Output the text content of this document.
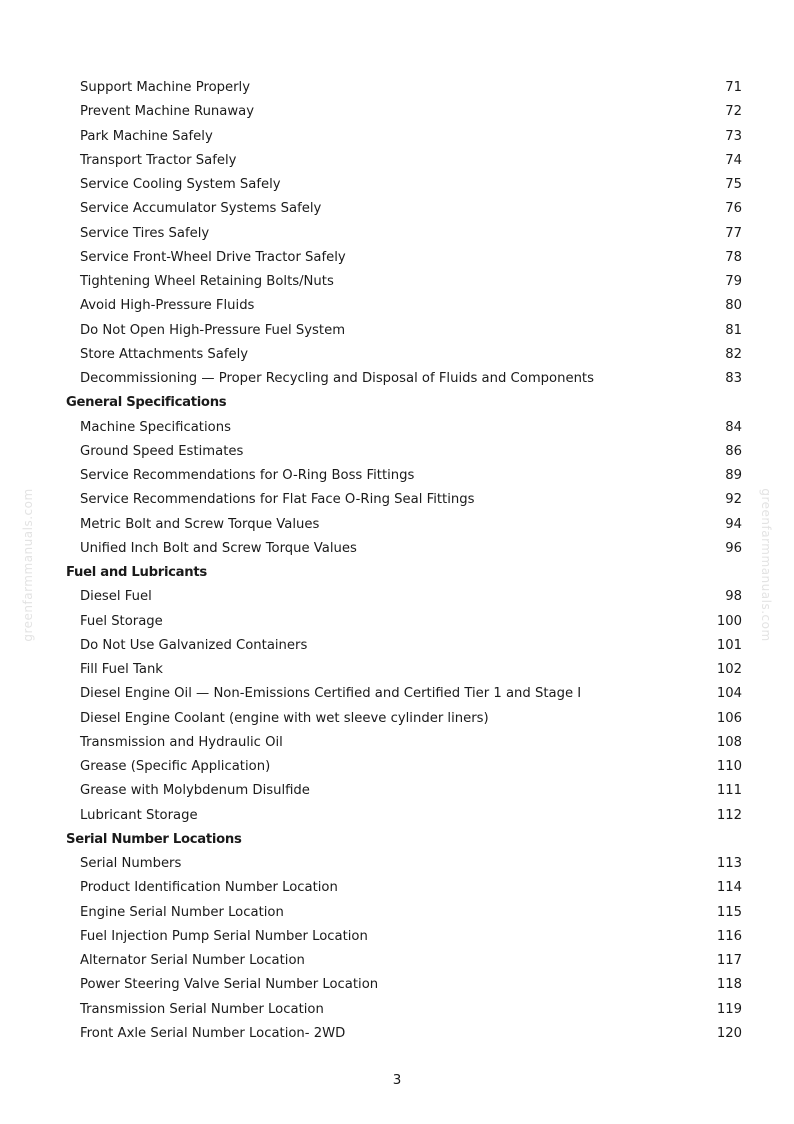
greenfarmmanuals.com	greenfarmmanuals.com
Support Machine Properly	71
Prevent Machine Runaway	72
Park Machine Safely	73
Transport Tractor Safely	74
Service Cooling System Safely	75
Service Accumulator Systems Safely	76
Service Tires Safely	77
Service Front-Wheel Drive Tractor Safely	78
Tightening Wheel Retaining Bolts/Nuts	79
Avoid High-Pressure Fluids	80
Do Not Open High-Pressure Fuel System	81
Store Attachments Safely	82
Decommissioning — Proper Recycling and Disposal of Fluids and Components	83
General Specifications
Machine Specifications	84
Ground Speed Estimates	86
Service Recommendations for O-Ring Boss Fittings	89
Service Recommendations for Flat Face O-Ring Seal Fittings	92
Metric Bolt and Screw Torque Values	94
Unified Inch Bolt and Screw Torque Values	96
Fuel and Lubricants
Diesel Fuel	98
Fuel Storage	100
Do Not Use Galvanized Containers	101
Fill Fuel Tank	102
Diesel Engine Oil — Non-Emissions Certified and Certified Tier 1 and Stage I	104
Diesel Engine Coolant (engine with wet sleeve cylinder liners)	106
Transmission and Hydraulic Oil	108
Grease (Specific Application)	110
Grease with Molybdenum Disulfide	111
Lubricant Storage	112
Serial Number Locations
Serial Numbers	113
Product Identification Number Location	114
Engine Serial Number Location	115
Fuel Injection Pump Serial Number Location	116
Alternator Serial Number Location	117
Power Steering Valve Serial Number Location	118
Transmission Serial Number Location	119
Front Axle Serial Number Location- 2WD	120
3
